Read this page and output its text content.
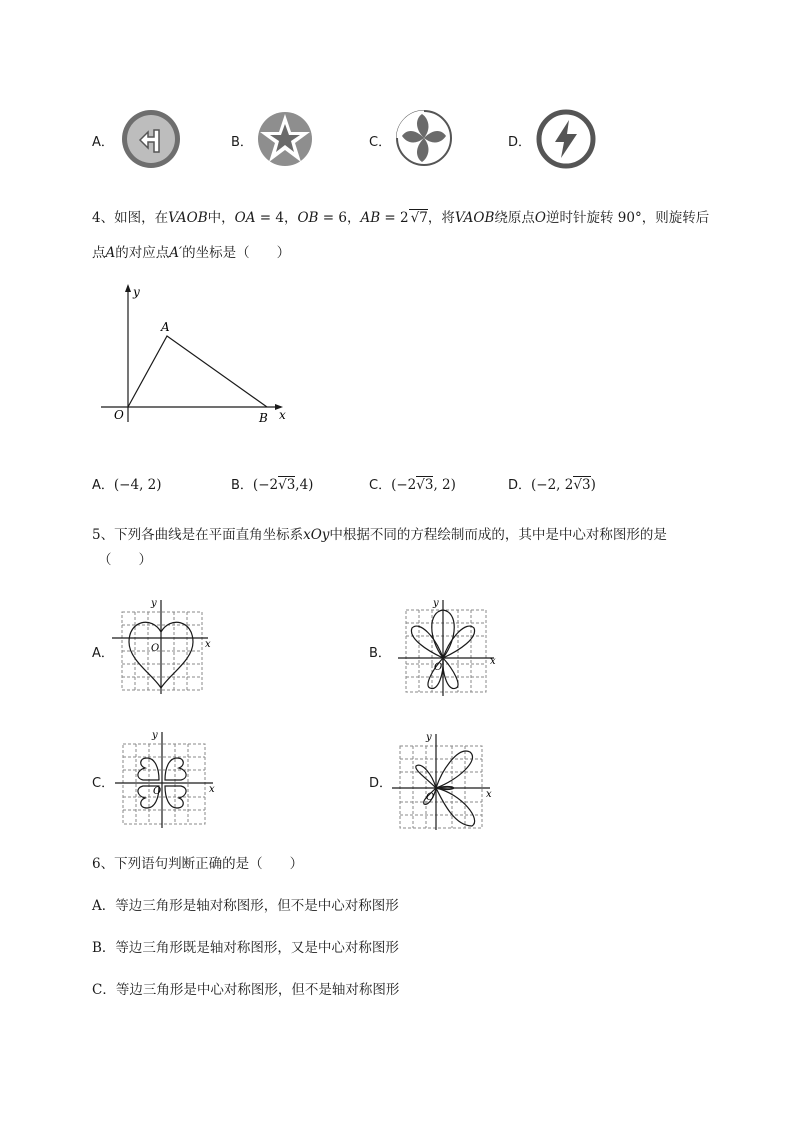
A．	B．	C．	D．
4、如图，在VAOB中，OA = 4，OB = 6，AB = 2 √7，将VAOB绕原点O逆时针旋转 90°，则旋转后
点A的对应点A′的坐标是（　　）
y
A
O	B x
A．(−4, 2)	B．(−2√3,4)	C．(−2√3, 2)	D．(−2, 2√3)
5、下列各曲线是在平面直角坐标系xOy中根据不同的方程绘制而成的，其中是中心对称图形的是
（　　）
A．
y
x
O	B．
y
x
O
C．
y
x
O
D．
y
x
O
6、下列语句判断正确的是（　　）
A．等边三角形是轴对称图形，但不是中心对称图形
B．等边三角形既是轴对称图形，又是中心对称图形
C．等边三角形是中心对称图形，但不是轴对称图形
